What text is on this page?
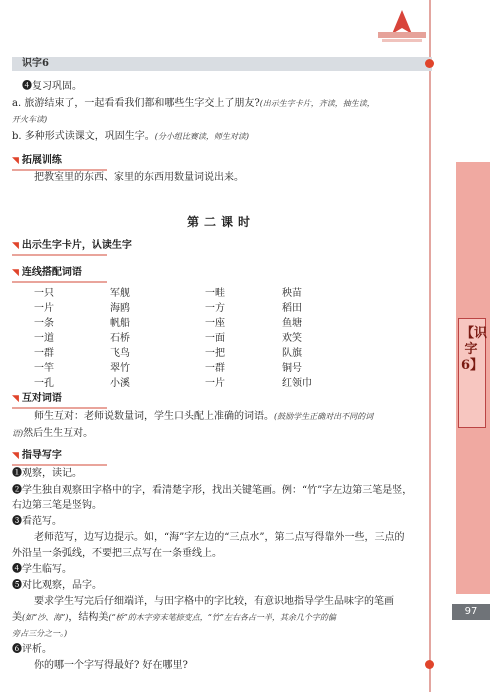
识字6
【识字6】
97
❹复习巩固。
a. 旅游结束了，一起看看我们都和哪些生字交上了朋友?(出示生字卡片，齐读，抽生读，
开火车读)
b. 多种形式读课文，巩固生字。(分小组比赛读，师生对读)
◥ 拓展训练
把教室里的东西、家里的东西用数量词说出来。
第二课时
◥ 出示生字卡片，认读生字
◥ 连线搭配词语
一只	军舰	一畦	秧苗
一片	海鸥	一方	稻田
一条	帆船	一座	鱼塘
一道	石桥	一面	欢笑
一群	飞鸟	一把	队旗
一竿	翠竹	一群	铜号
一孔	小溪	一片	红领巾
◥ 互对词语
师生互对：老师说数量词，学生口头配上准确的词语。(鼓励学生正确对出不同的词
语)然后生生互对。
◥ 指导写字
❶观察，读记。
❷学生独自观察田字格中的字，看清楚字形，找出关键笔画。例：“竹”字左边第三笔是竖，
右边第三笔是竖钩。
❸看范写。
老师范写，边写边提示。如，“海”字左边的“三点水”，第二点写得靠外一些，三点的
外沿呈一条弧线，不要把三点写在一条垂线上。
❹学生临写。
❺对比观察，品字。
要求学生写完后仔细端详，与田字格中的字比较，有意识地指导学生品味字的笔画
美(如“沙、海”)，结构美(“桥”的木字旁末笔捺变点，“竹”左右各占一半，其余几个字的偏
旁占三分之一。)
❻评析。
你的哪一个字写得最好? 好在哪里?
